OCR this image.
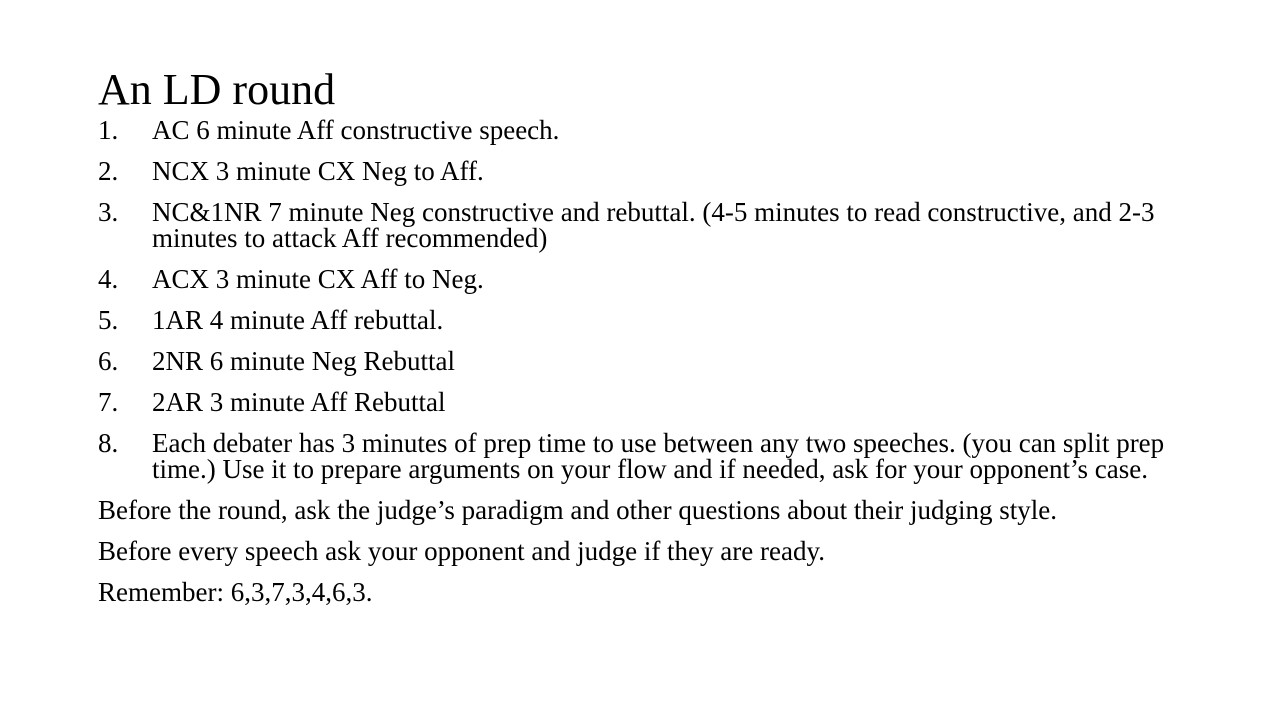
An LD round
1.	AC 6 minute Aff constructive speech.
2.	NCX 3 minute CX Neg to Aff.
3.	NC&1NR 7 minute Neg constructive and rebuttal. (4-5 minutes to read constructive, and 2-3 minutes to attack Aff recommended)
4.	ACX 3 minute CX Aff to Neg.
5.	1AR 4 minute Aff rebuttal.
6.	2NR 6 minute Neg Rebuttal
7.	2AR 3 minute Aff Rebuttal
8.	Each debater has 3 minutes of prep time to use between any two speeches. (you can split prep time.) Use it to prepare arguments on your flow and if needed, ask for your opponent’s case.
Before the round, ask the judge’s paradigm and other questions about their judging style.
Before every speech ask your opponent and judge if they are ready.
Remember: 6,3,7,3,4,6,3.
